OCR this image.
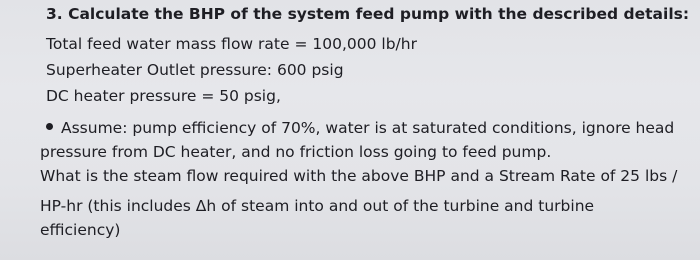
3. Calculate the BHP of the system feed pump with the described details:
Total feed water mass flow rate = 100,000 lb/hr
Superheater Outlet pressure: 600 psig
DC heater pressure = 50 psig,
Assume: pump efficiency of 70%, water is at saturated conditions, ignore head
pressure from DC heater, and no friction loss going to feed pump.
What is the steam flow required with the above BHP and a Stream Rate of 25 lbs /
HP-hr (this includes Δh of steam into and out of the turbine and turbine
efficiency)
